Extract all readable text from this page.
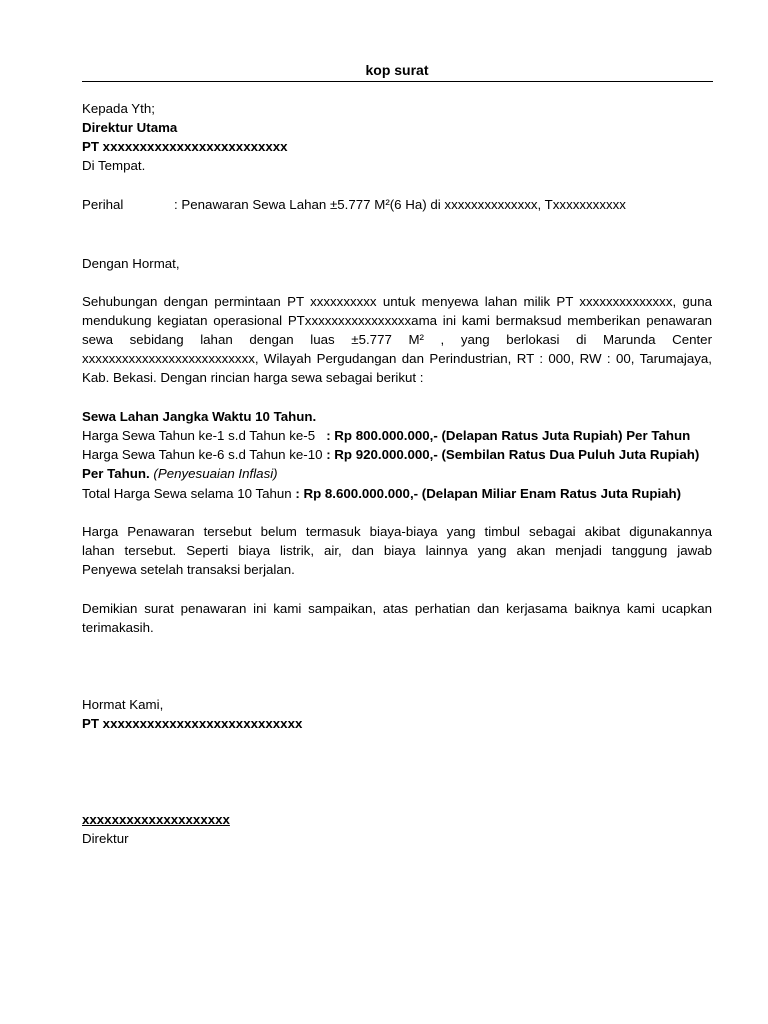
kop surat
Kepada Yth;
Direktur Utama
PT xxxxxxxxxxxxxxxxxxxxxxxxx
Di Tempat.
Perihal	: Penawaran Sewa Lahan ±5.777 M²(6 Ha) di xxxxxxxxxxxxxx, Txxxxxxxxxxx
Dengan Hormat,
Sehubungan dengan permintaan PT xxxxxxxxxx untuk menyewa lahan milik PT xxxxxxxxxxxxxx, guna
mendukung kegiatan operasional PTxxxxxxxxxxxxxxxxama ini kami bermaksud memberikan penawaran
sewa sebidang lahan dengan luas ±5.777 M² , yang berlokasi di Marunda Center
xxxxxxxxxxxxxxxxxxxxxxxxxx, Wilayah Pergudangan dan Perindustrian, RT : 000, RW : 00, Tarumajaya,
Kab. Bekasi. Dengan rincian harga sewa sebagai berikut :
Sewa Lahan Jangka Waktu 10 Tahun.
Harga Sewa Tahun ke-1 s.d Tahun ke-5   : Rp 800.000.000,- (Delapan Ratus Juta Rupiah) Per Tahun
Harga Sewa Tahun ke-6 s.d Tahun ke-10 : Rp 920.000.000,- (Sembilan Ratus Dua Puluh Juta Rupiah)
Per Tahun. (Penyesuaian Inflasi)
Total Harga Sewa selama 10 Tahun : Rp 8.600.000.000,- (Delapan Miliar Enam Ratus Juta Rupiah)
Harga Penawaran tersebut belum termasuk biaya-biaya yang timbul sebagai akibat digunakannya
lahan tersebut. Seperti biaya listrik, air, dan biaya lainnya yang akan menjadi tanggung jawab
Penyewa setelah transaksi berjalan.
Demikian surat penawaran ini kami sampaikan, atas perhatian dan kerjasama baiknya kami ucapkan
terimakasih.
Hormat Kami,
PT xxxxxxxxxxxxxxxxxxxxxxxxxxx
xxxxxxxxxxxxxxxxxxxx
Direktur
